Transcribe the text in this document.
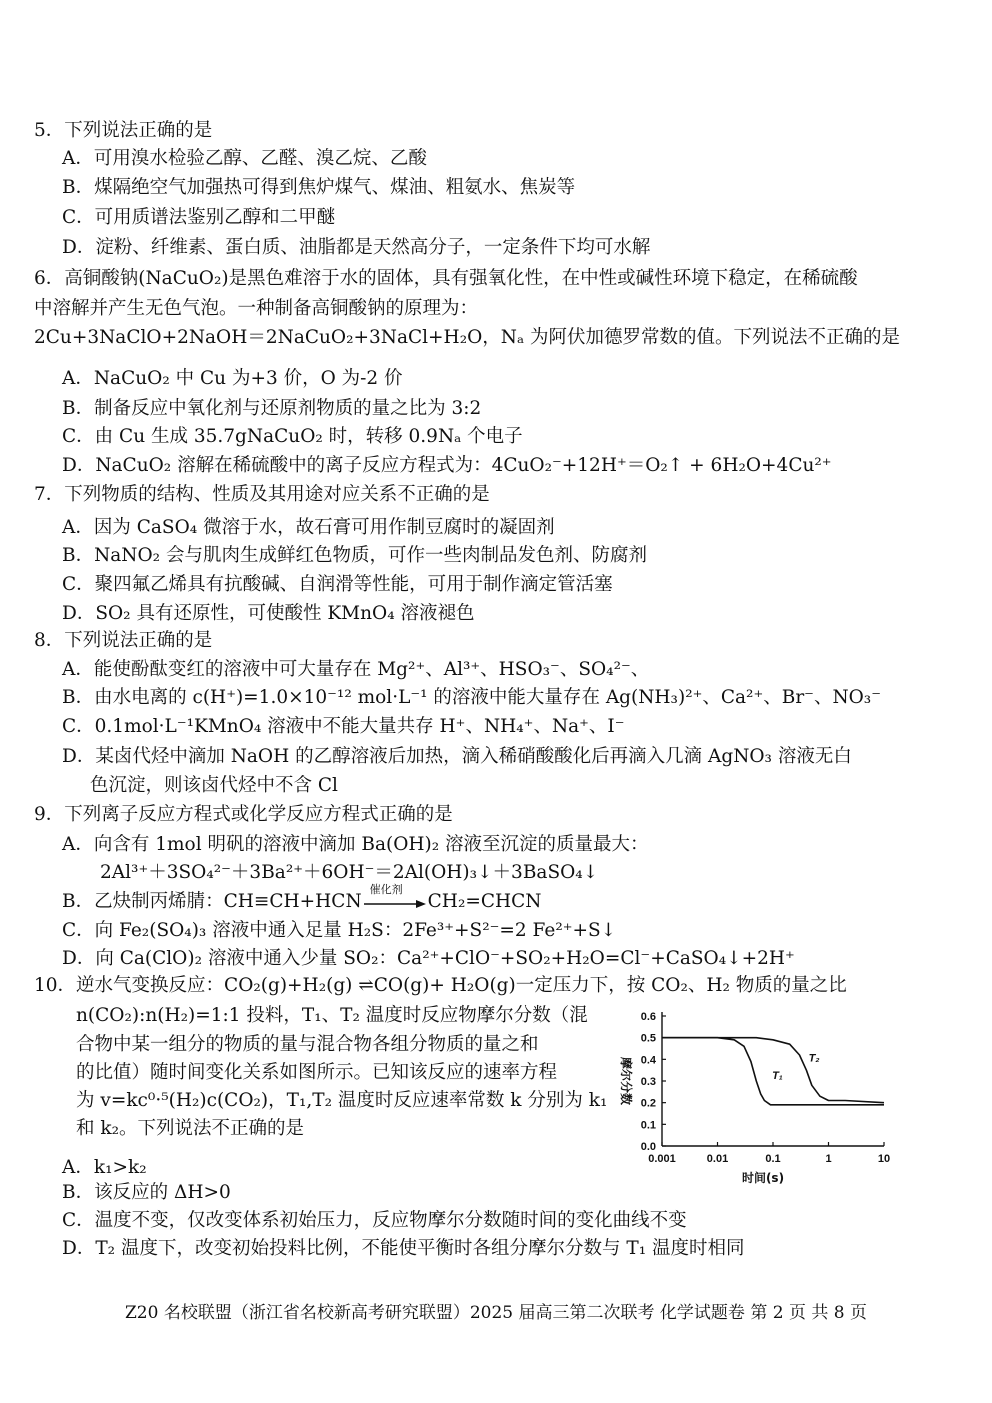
5．下列说法正确的是
A．可用溴水检验乙醇、乙醛、溴乙烷、乙酸
B．煤隔绝空气加强热可得到焦炉煤气、煤油、粗氨水、焦炭等
C．可用质谱法鉴别乙醇和二甲醚
D．淀粉、纤维素、蛋白质、油脂都是天然高分子，一定条件下均可水解
6．高铜酸钠(NaCuO₂)是黑色难溶于水的固体，具有强氧化性，在中性或碱性环境下稳定，在稀硫酸
中溶解并产生无色气泡。一种制备高铜酸钠的原理为：
2Cu+3NaClO+2NaOH＝2NaCuO₂+3NaCl+H₂O，Nₐ 为阿伏加德罗常数的值。下列说法不正确的是
A．NaCuO₂ 中 Cu 为+3 价，O 为-2 价
B．制备反应中氧化剂与还原剂物质的量之比为 3:2
C．由 Cu 生成 35.7gNaCuO₂ 时，转移 0.9Nₐ 个电子
D．NaCuO₂ 溶解在稀硫酸中的离子反应方程式为：4CuO₂⁻+12H⁺＝O₂↑ + 6H₂O+4Cu²⁺
7．下列物质的结构、性质及其用途对应关系不正确的是
A．因为 CaSO₄ 微溶于水，故石膏可用作制豆腐时的凝固剂
B．NaNO₂ 会与肌肉生成鲜红色物质，可作一些肉制品发色剂、防腐剂
C．聚四氟乙烯具有抗酸碱、自润滑等性能，可用于制作滴定管活塞
D．SO₂ 具有还原性，可使酸性 KMnO₄ 溶液褪色
8．下列说法正确的是
A．能使酚酞变红的溶液中可大量存在 Mg²⁺、Al³⁺、HSO₃⁻、SO₄²⁻、
B．由水电离的 c(H⁺)=1.0×10⁻¹² mol·L⁻¹ 的溶液中能大量存在 Ag(NH₃)²⁺、Ca²⁺、Br⁻、NO₃⁻
C．0.1mol·L⁻¹KMnO₄ 溶液中不能大量共存 H⁺、NH₄⁺、Na⁺、I⁻
D．某卤代烃中滴加 NaOH 的乙醇溶液后加热，滴入稀硝酸酸化后再滴入几滴 AgNO₃ 溶液无白
色沉淀，则该卤代烃中不含 Cl
9．下列离子反应方程式或化学反应方程式正确的是
A．向含有 1mol 明矾的溶液中滴加 Ba(OH)₂ 溶液至沉淀的质量最大：
2Al³⁺＋3SO₄²⁻＋3Ba²⁺＋6OH⁻＝2Al(OH)₃↓＋3BaSO₄↓
B．乙炔制丙烯腈：CH≡CH+HCN
催化剂
CH₂=CHCN
C．向 Fe₂(SO₄)₃ 溶液中通入足量 H₂S：2Fe³⁺+S²⁻=2 Fe²⁺+S↓
D．向 Ca(ClO)₂ 溶液中通入少量 SO₂：Ca²⁺+ClO⁻+SO₂+H₂O=Cl⁻+CaSO₄↓+2H⁺
10．逆水气变换反应：CO₂(g)+H₂(g) ⇌CO(g)+ H₂O(g)一定压力下，按 CO₂、H₂ 物质的量之比
n(CO₂):n(H₂)=1:1 投料，T₁、T₂ 温度时反应物摩尔分数（混
合物中某一组分的物质的量与混合物各组分物质的量之和
的比值）随时间变化关系如图所示。已知该反应的速率方程
为 v=kc⁰·⁵(H₂)c(CO₂)，T₁,T₂ 温度时反应速率常数 k 分别为 k₁
和 k₂。下列说法不正确的是
A．k₁>k₂
B．该反应的 ΔH>0
C．温度不变，仅改变体系初始压力，反应物摩尔分数随时间的变化曲线不变
D．T₂ 温度下，改变初始投料比例，不能使平衡时各组分摩尔分数与 T₁ 温度时相同
0.0
0.1
0.2
0.3
0.4
0.5
0.6
0.001	0.01	0.1	1	10
时间(s)
摩尔分数	T₁
T₂
Z20 名校联盟（浙江省名校新高考研究联盟）2025 届高三第二次联考 化学试题卷 第 2 页 共 8 页
